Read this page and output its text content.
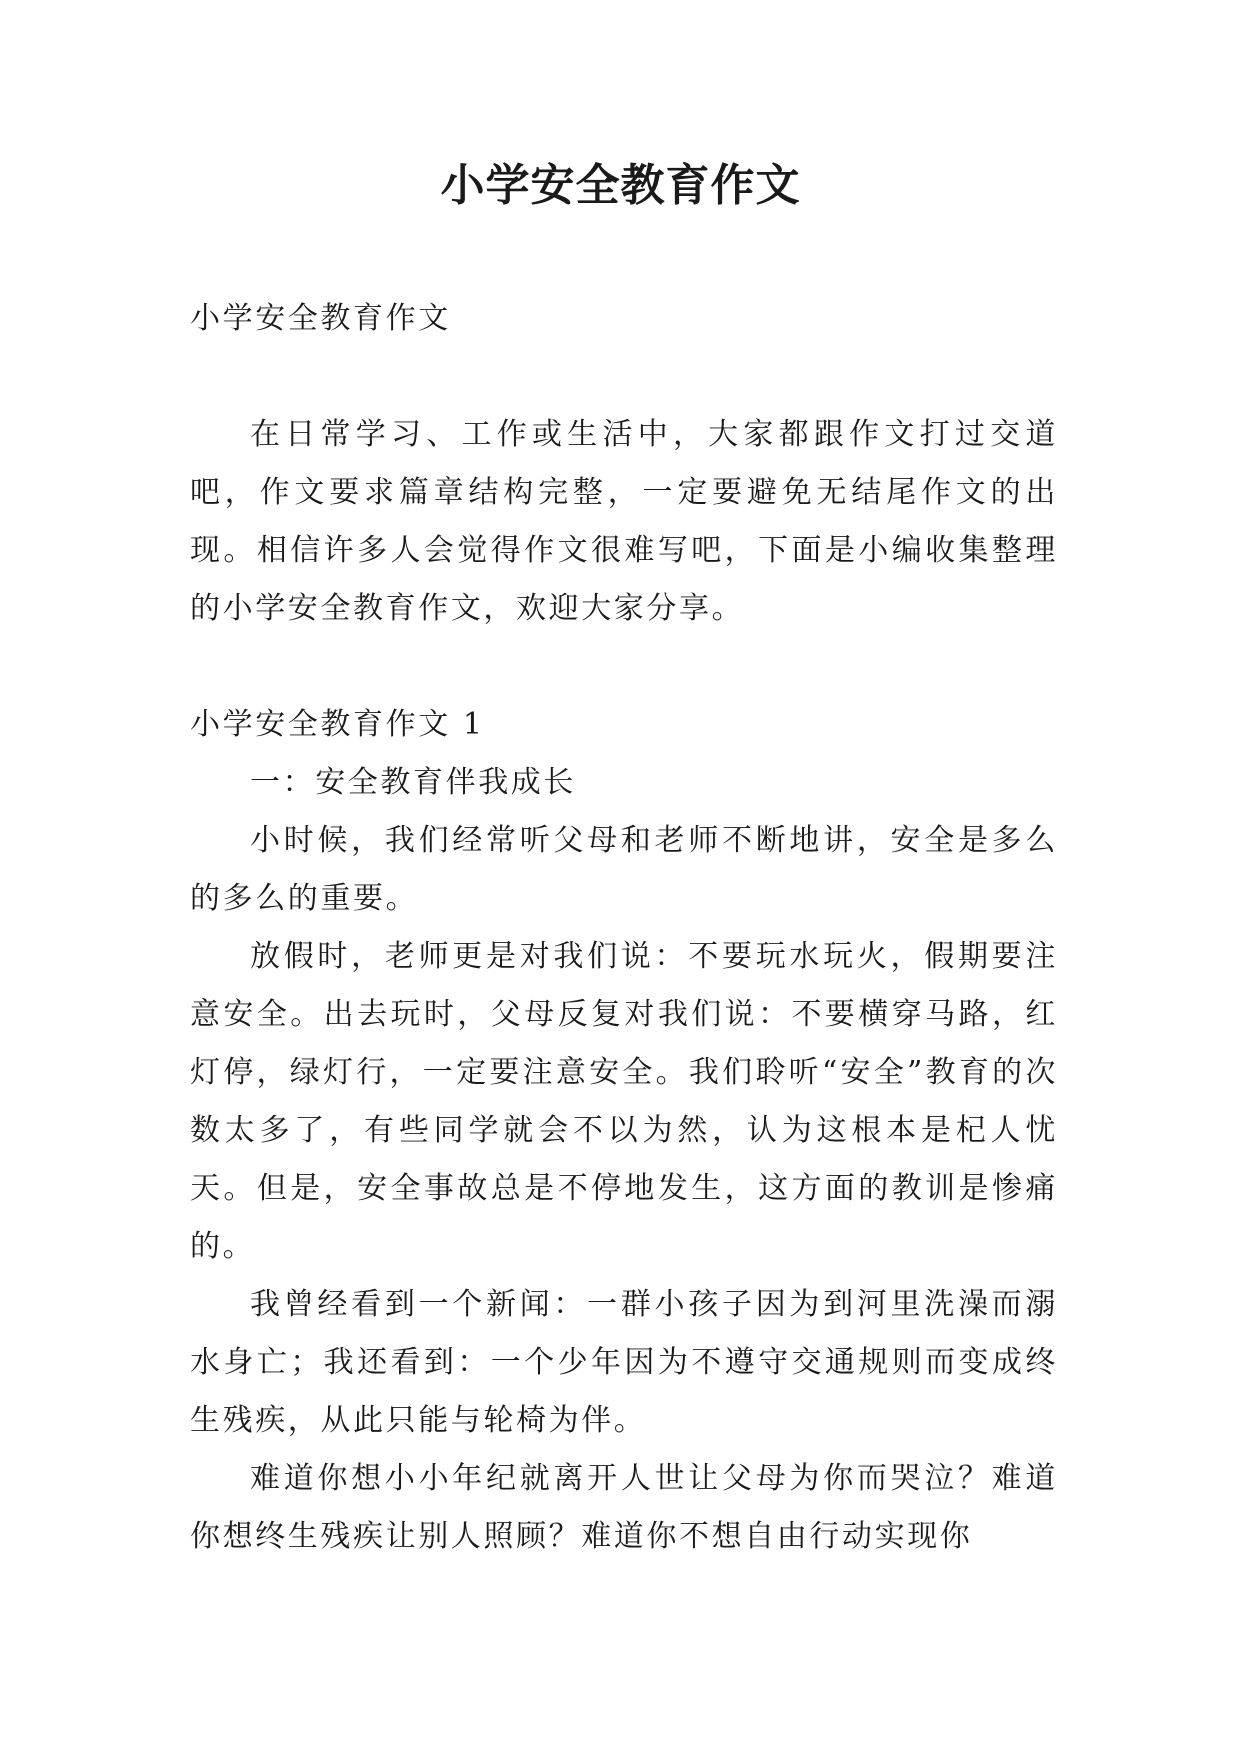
小学安全教育作文

小学安全教育作文

在日常学习、工作或生活中，大家都跟作文打过交道吧，作文要求篇章结构完整，一定要避免无结尾作文的出现。相信许多人会觉得作文很难写吧，下面是小编收集整理的小学安全教育作文，欢迎大家分享。

小学安全教育作文 1

一：安全教育伴我成长

小时候，我们经常听父母和老师不断地讲，安全是多么的多么的重要。

放假时，老师更是对我们说：不要玩水玩火，假期要注意安全。出去玩时，父母反复对我们说：不要横穿马路，红灯停，绿灯行，一定要注意安全。我们聆听“安全”教育的次数太多了，有些同学就会不以为然，认为这根本是杞人忧天。但是，安全事故总是不停地发生，这方面的教训是惨痛的。

我曾经看到一个新闻：一群小孩子因为到河里洗澡而溺水身亡；我还看到：一个少年因为不遵守交通规则而变成终生残疾，从此只能与轮椅为伴。

难道你想小小年纪就离开人世让父母为你而哭泣？难道你想终生残疾让别人照顾？难道你不想自由行动实现你
